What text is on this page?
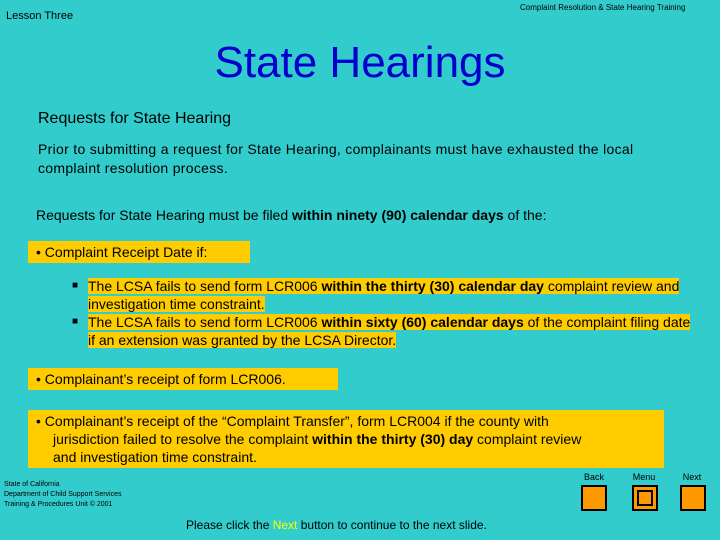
Lesson Three
Complaint Resolution & State Hearing Training
State Hearings
Requests for State Hearing
Prior to submitting a request for State Hearing, complainants must have exhausted the local complaint resolution process.
Requests for State Hearing must be filed within ninety (90) calendar days of the:
• Complaint Receipt Date if:
■ The LCSA fails to send form LCR006 within the thirty (30) calendar day complaint review and investigation time constraint.
■ The LCSA fails to send form LCR006 within sixty (60) calendar days of the complaint filing date if an extension was granted by the LCSA Director.
• Complainant’s receipt of form LCR006.
• Complainant’s receipt of the “Complaint Transfer”, form LCR004 if the county with
jurisdiction failed to resolve the complaint within the thirty (30) day complaint review
and investigation time constraint.
State of California
Department of Child Support Services
Training & Procedures Unit © 2001
Please click the Next button to continue to the next slide.
Back	Menu	Next
